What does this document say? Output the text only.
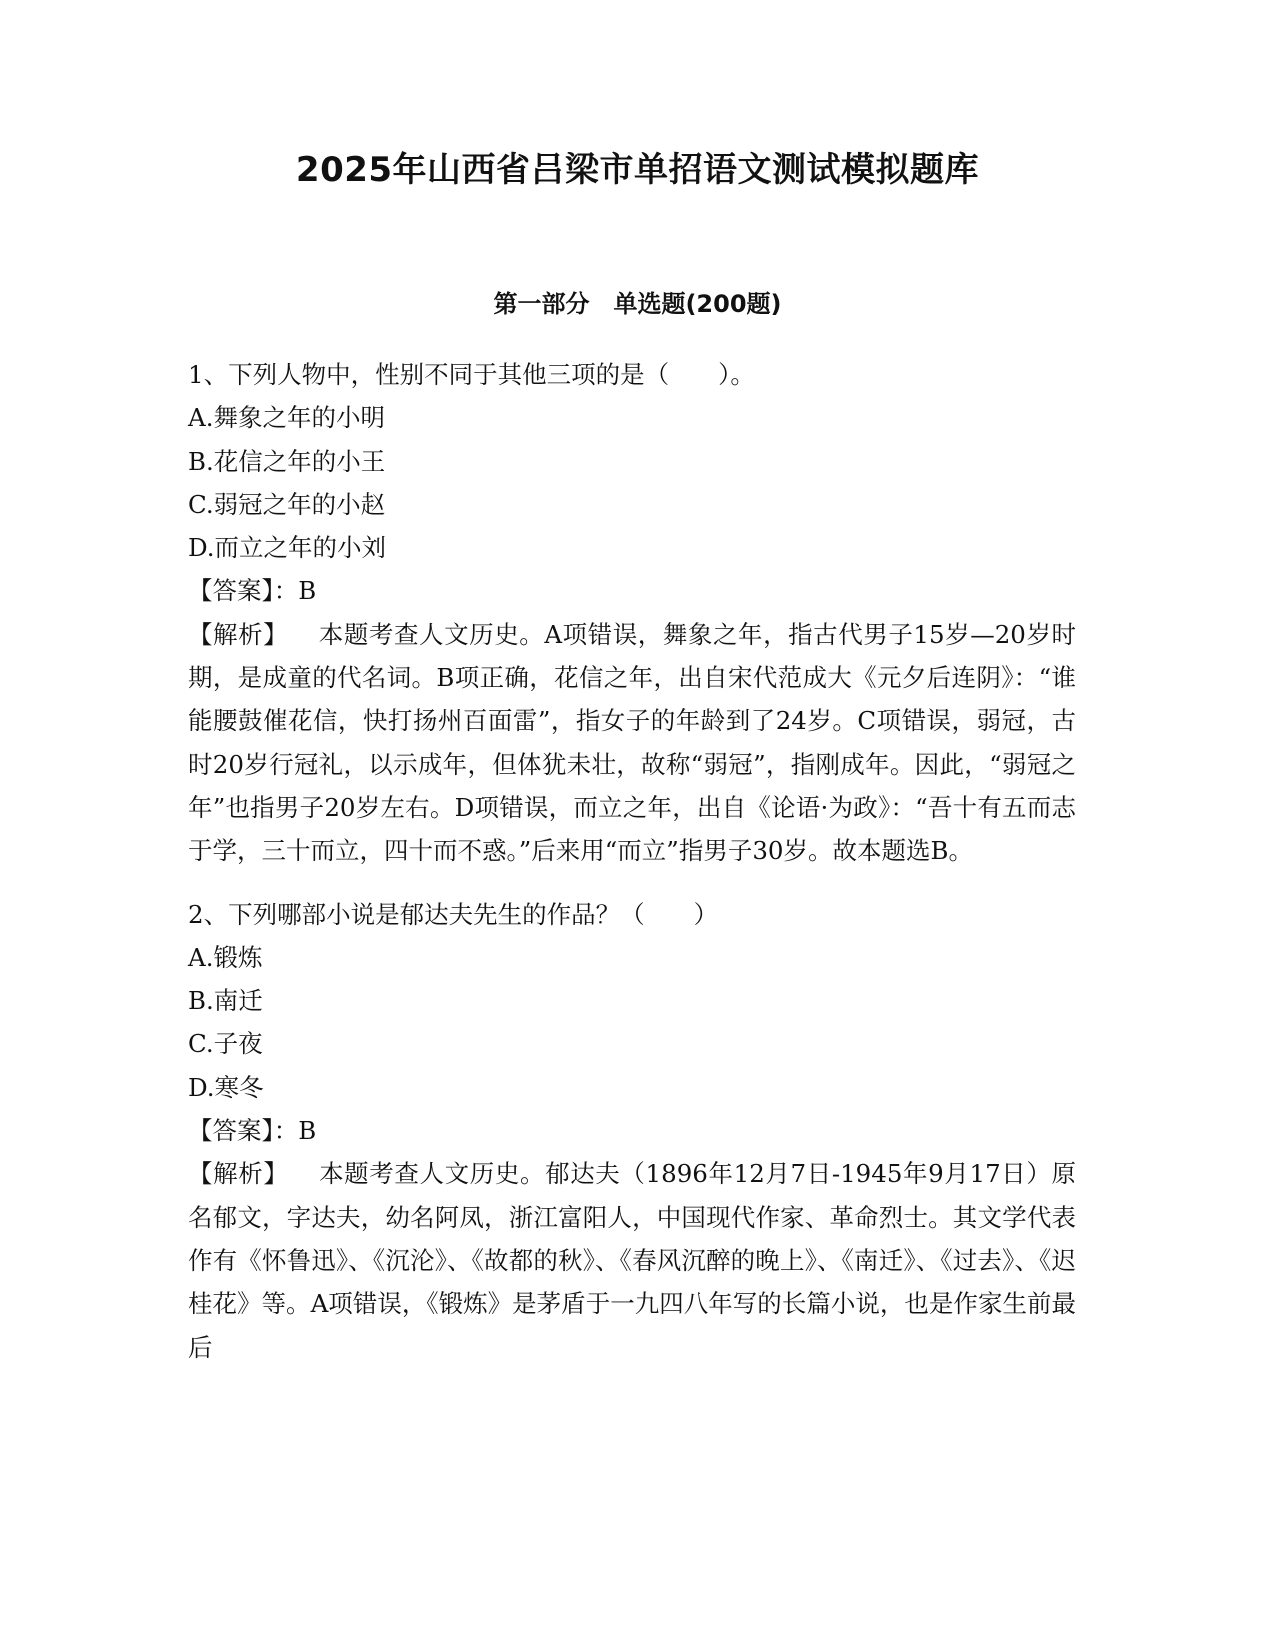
2025年山西省吕梁市单招语文测试模拟题库
第一部分　单选题(200题)
1、下列人物中，性别不同于其他三项的是（　　）。
A.舞象之年的小明
B.花信之年的小王
C.弱冠之年的小赵
D.而立之年的小刘
【答案】：B
【解析】 本题考查人文历史。A项错误，舞象之年，指古代男子15岁—20岁时期，是成童的代名词。B项正确，花信之年，出自宋代范成大《元夕后连阴》：“谁能腰鼓催花信，快打扬州百面雷”，指女子的年龄到了24岁。C项错误，弱冠，古时20岁行冠礼，以示成年，但体犹未壮，故称“弱冠”，指刚成年。因此，“弱冠之年”也指男子20岁左右。D项错误，而立之年，出自《论语·为政》：“吾十有五而志于学，三十而立，四十而不惑。”后来用“而立”指男子30岁。故本题选B。
2、下列哪部小说是郁达夫先生的作品？（　　）
A.锻炼
B.南迁
C.子夜
D.寒冬
【答案】：B
【解析】 本题考查人文历史。郁达夫（1896年12月7日-1945年9月17日）原名郁文，字达夫，幼名阿凤，浙江富阳人，中国现代作家、革命烈士。其文学代表作有《怀鲁迅》、《沉沦》、《故都的秋》、《春风沉醉的晚上》、《南迁》、《过去》、《迟桂花》等。A项错误，《锻炼》是茅盾于一九四八年写的长篇小说，也是作家生前最后
